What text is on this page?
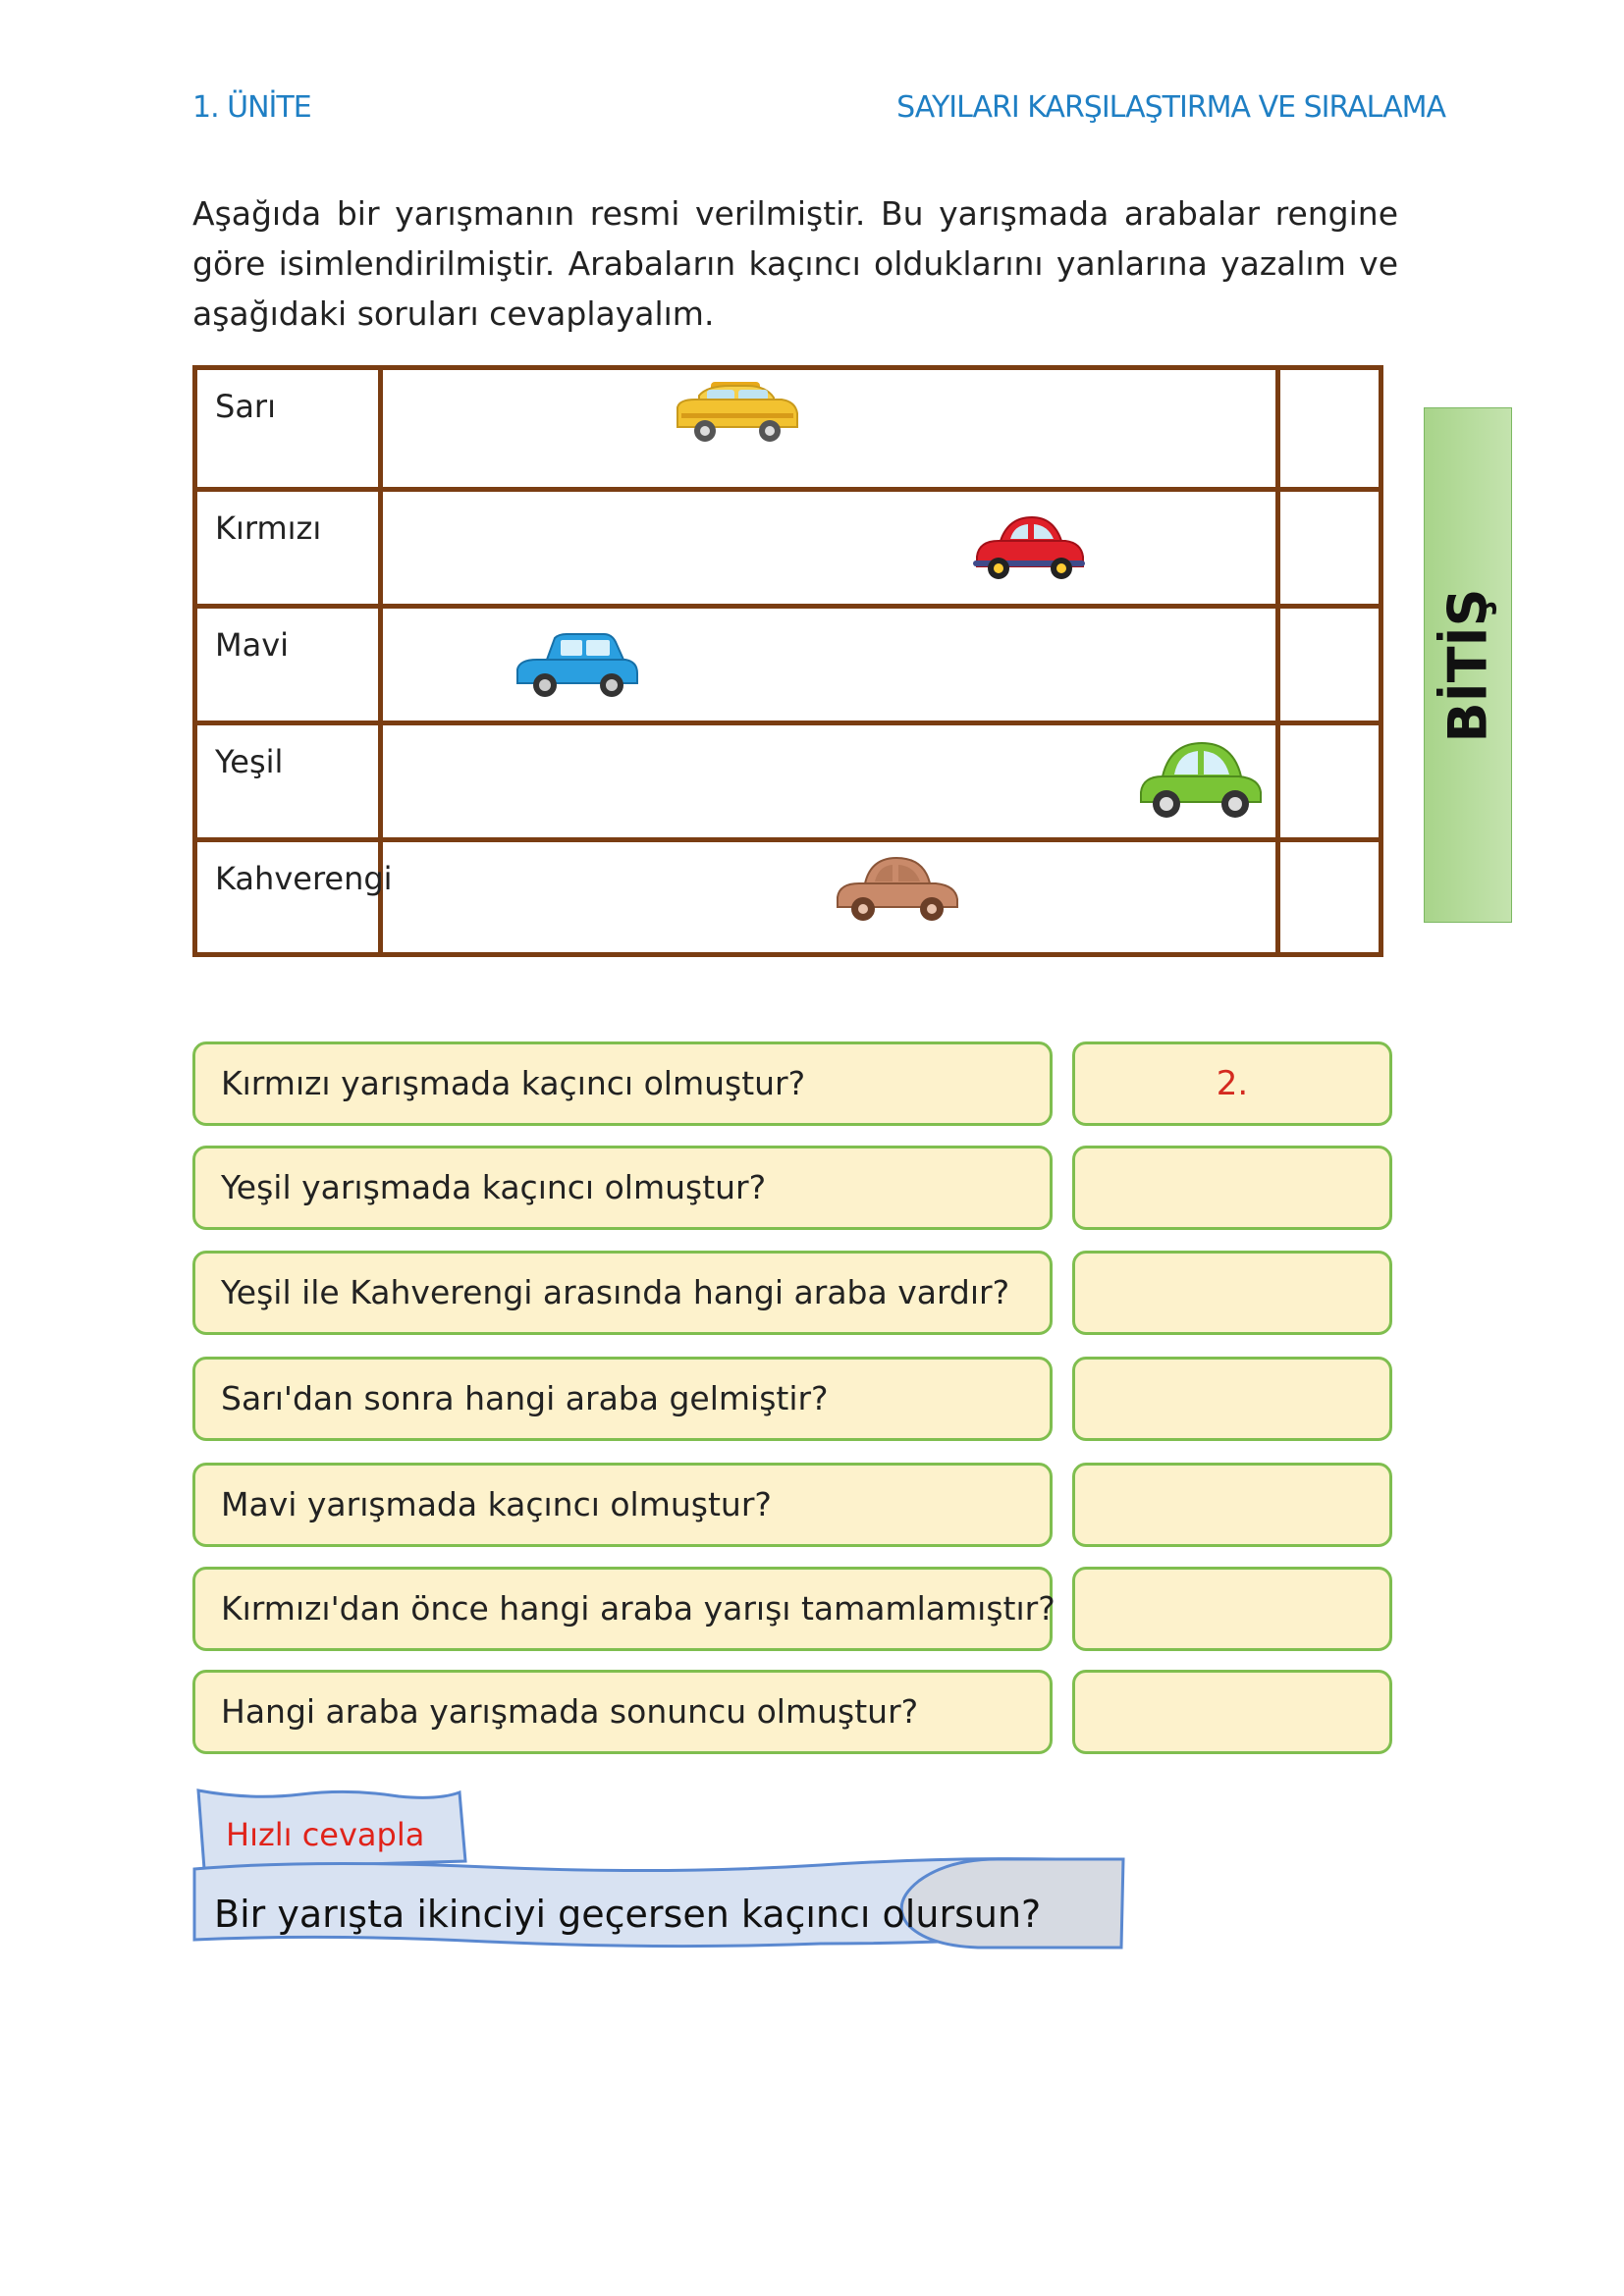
1. ÜNİTE	SAYILARI KARŞILAŞTIRMA VE SIRALAMA
Aşağıda bir yarışmanın resmi verilmiştir. Bu yarışmada arabalar rengine göre isimlendirilmiştir. Arabaların kaçıncı olduklarını yanlarına yazalım ve aşağıdaki soruları cevaplayalım.
Sarı
Kırmızı
Mavi
Yeşil
Kahverengi
BİTİŞ
Kırmızı yarışmada kaçıncı olmuştur?	2.
Yeşil yarışmada kaçıncı olmuştur?
Yeşil ile Kahverengi arasında hangi araba vardır?
Sarı'dan sonra hangi araba gelmiştir?
Mavi yarışmada kaçıncı olmuştur?
Kırmızı'dan önce hangi araba yarışı tamamlamıştır?
Hangi araba yarışmada sonuncu olmuştur?
Hızlı cevapla
Bir yarışta ikinciyi geçersen kaçıncı olursun?
